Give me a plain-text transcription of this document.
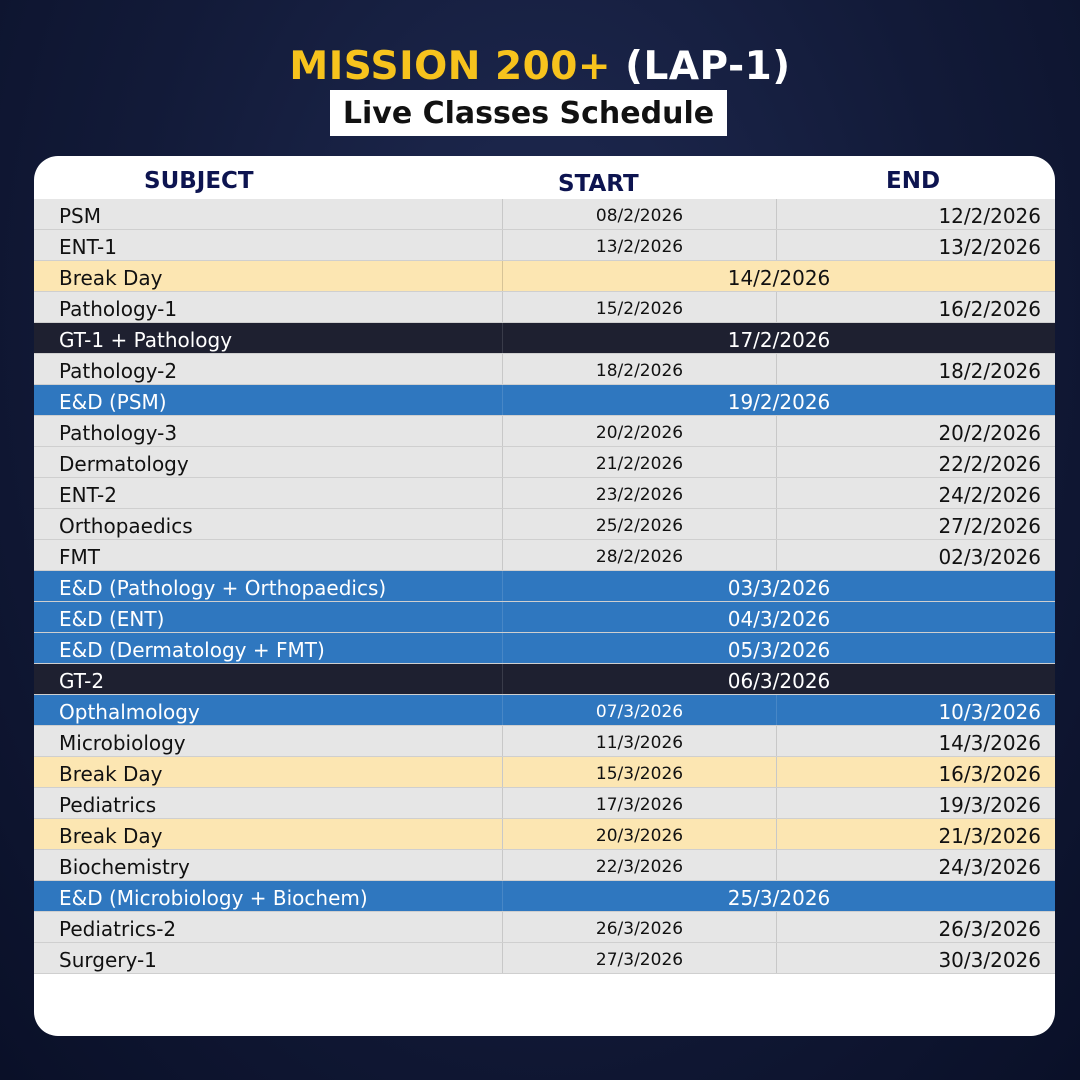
MISSION 200+ (LAP-1)
Live Classes Schedule
SUBJECT	START	END
PSM	08/2/2026	12/2/2026
ENT-1	13/2/2026	13/2/2026
Break Day	14/2/2026
Pathology-1	15/2/2026	16/2/2026
GT-1 + Pathology	17/2/2026
Pathology-2	18/2/2026	18/2/2026
E&D (PSM)	19/2/2026
Pathology-3	20/2/2026	20/2/2026
Dermatology	21/2/2026	22/2/2026
ENT-2	23/2/2026	24/2/2026
Orthopaedics	25/2/2026	27/2/2026
FMT	28/2/2026	02/3/2026
E&D (Pathology + Orthopaedics)	03/3/2026
E&D (ENT)	04/3/2026
E&D (Dermatology + FMT)	05/3/2026
GT-2	06/3/2026
Opthalmology	07/3/2026	10/3/2026
Microbiology	11/3/2026	14/3/2026
Break Day	15/3/2026	16/3/2026
Pediatrics	17/3/2026	19/3/2026
Break Day	20/3/2026	21/3/2026
Biochemistry	22/3/2026	24/3/2026
E&D (Microbiology + Biochem)	25/3/2026
Pediatrics-2	26/3/2026	26/3/2026
Surgery-1	27/3/2026	30/3/2026
